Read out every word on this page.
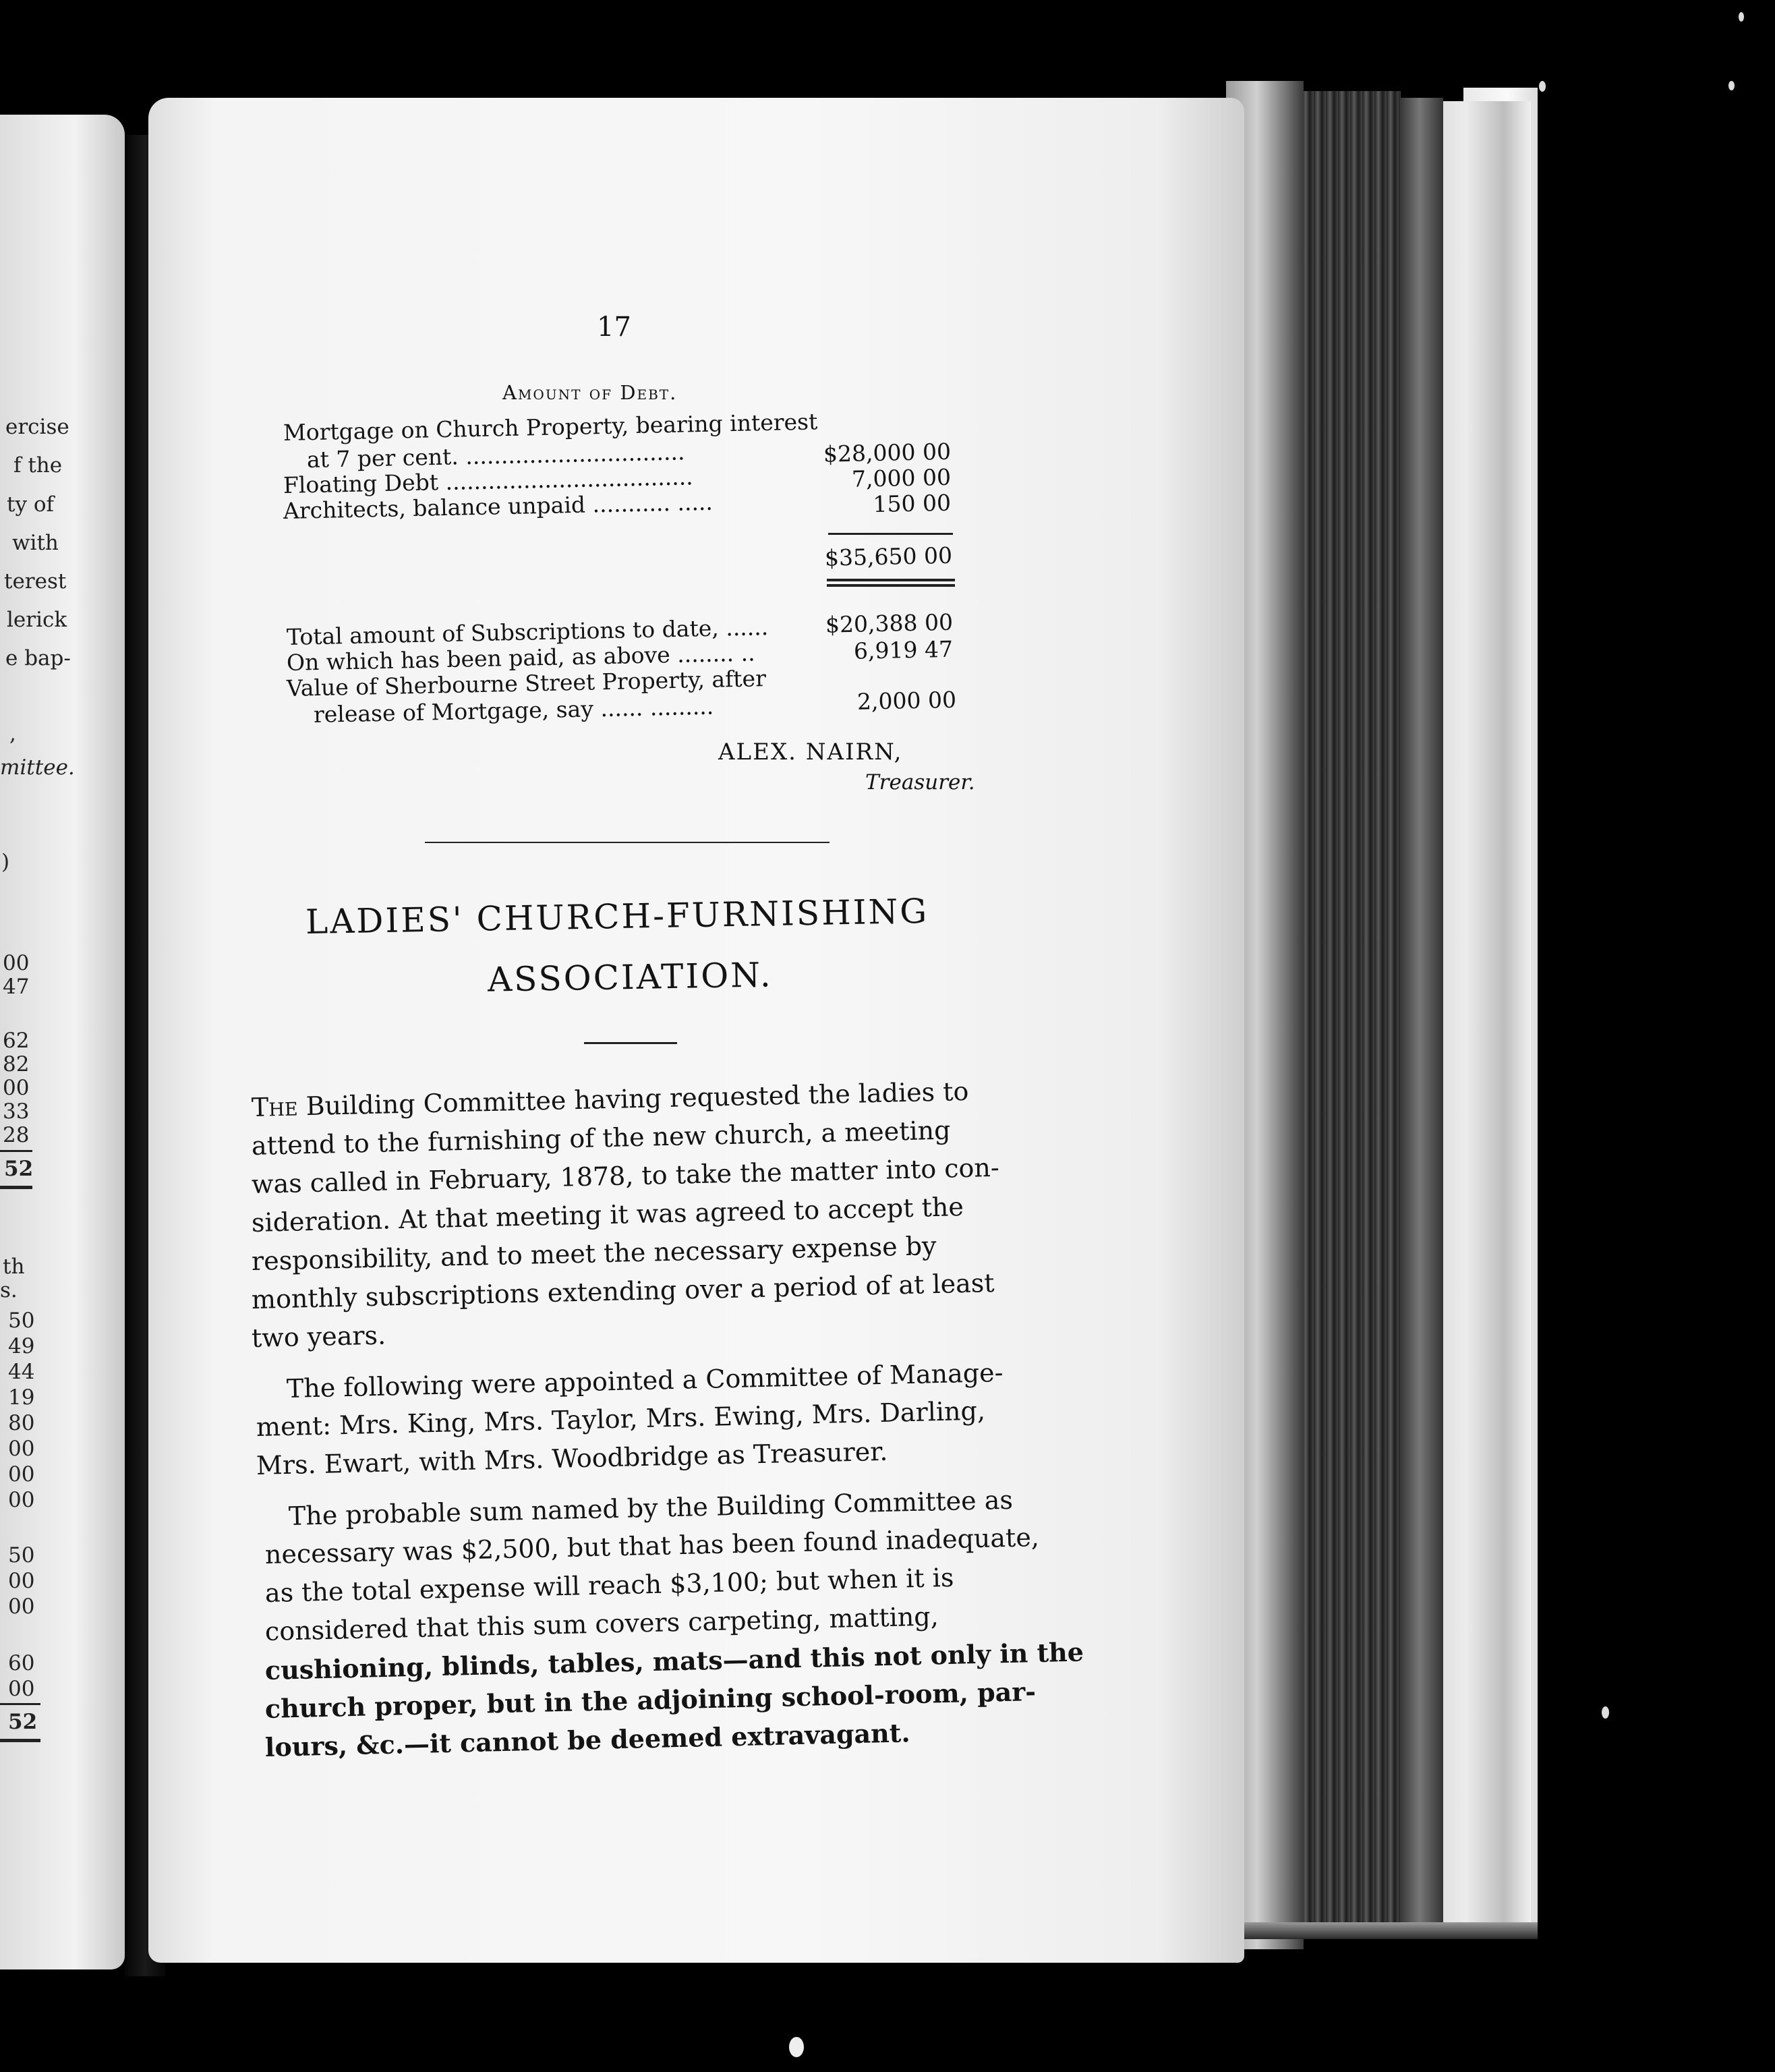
ercise
f the
ty of
with
terest
lerick
e bap-
,
mittee.
)
00
47
62
82
00
33
28
52
th
s.
50
49
44
19
80
00
00
00
50
00
00
60
00
52
17
Amount of Debt.
Mortgage on Church Property, bearing interest
at 7 per cent. ...............................	$28,000 00
Floating Debt ...................................	7,000 00
Architects, balance unpaid ........... .....	150 00
$35,650 00
Total amount of Subscriptions to date, ......	$20,388 00
On which has been paid, as above ........ ..	6,919 47
Value of Sherbourne Street Property, after
release of Mortgage, say ...... .........	2,000 00
ALEX. NAIRN,
Treasurer.
LADIES' CHURCH-FURNISHING
ASSOCIATION.
The Building Committee having requested the ladies to
attend to the furnishing of the new church, a meeting
was called in February, 1878, to take the matter into con-
sideration. At that meeting it was agreed to accept the
responsibility, and to meet the necessary expense by
monthly subscriptions extending over a period of at least
two years.
The following were appointed a Committee of Manage-
ment: Mrs. King, Mrs. Taylor, Mrs. Ewing, Mrs. Darling,
Mrs. Ewart, with Mrs. Woodbridge as Treasurer.
The probable sum named by the Building Committee as
necessary was $2,500, but that has been found inadequate,
as the total expense will reach $3,100; but when it is
considered that this sum covers carpeting, matting,
cushioning, blinds, tables, mats—and this not only in the
church proper, but in the adjoining school-room, par-
lours, &c.—it cannot be deemed extravagant.
